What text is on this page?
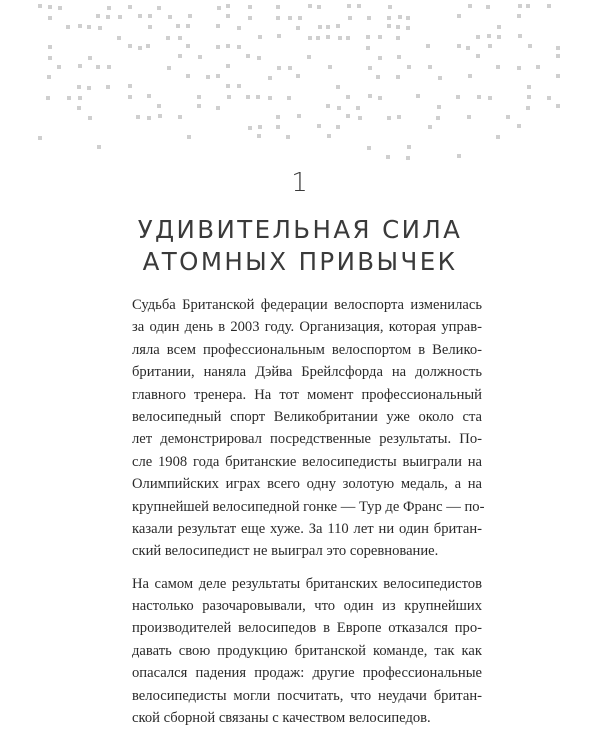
1
УДИВИТЕЛЬНАЯ СИЛА
АТОМНЫХ ПРИВЫЧЕК
Судьба Британской федерации велоспорта изменилась
за один день в 2003 году. Организация, которая управ-
ляла всем профессиональным велоспортом в Велико-
британии, наняла Дэйва Брейлсфорда на должность
главного тренера. На тот момент профессиональный
велосипедный спорт Великобритании уже около ста
лет демонстрировал посредственные результаты. По-
сле 1908 года британские велосипедисты выиграли на
Олимпийских играх всего одну золотую медаль, а на
крупнейшей велосипедной гонке — Тур де Франс — по-
казали результат еще хуже. За 110 лет ни один британ-
ский велосипедист не выиграл это соревнование.
На самом деле результаты британских велосипедистов
настолько разочаровывали, что один из крупнейших
производителей велосипедов в Европе отказался про-
давать свою продукцию британской команде, так как
опасался падения продаж: другие профессиональные
велосипедисты могли посчитать, что неудачи британ-
ской сборной связаны с качеством велосипедов.
